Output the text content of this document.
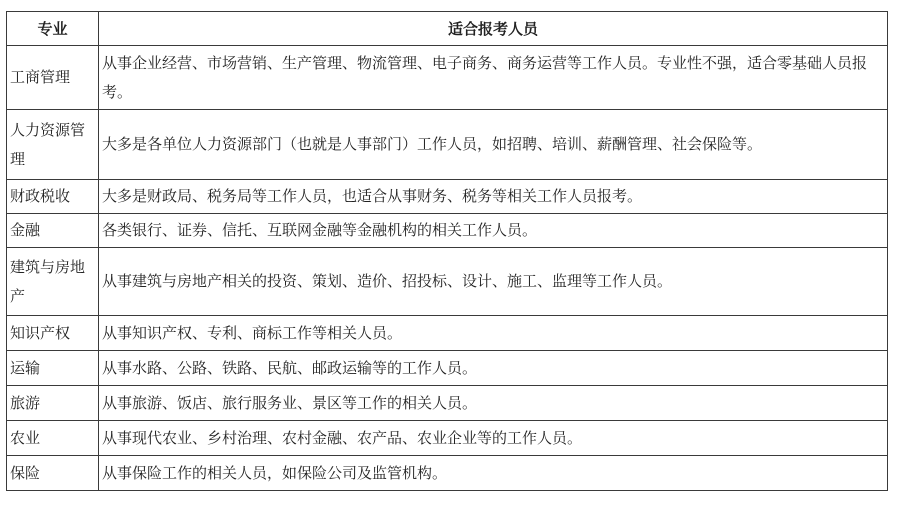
专业	适合报考人员
工商管理	从事企业经营、市场营销、生产管理、物流管理、电子商务、商务运营等工作人员。专业性不强，适合零基础人员报考。
人力资源管理	大多是各单位人力资源部门（也就是人事部门）工作人员，如招聘、培训、薪酬管理、社会保险等。
财政税收	大多是财政局、税务局等工作人员，也适合从事财务、税务等相关工作人员报考。
金融	各类银行、证券、信托、互联网金融等金融机构的相关工作人员。
建筑与房地产	从事建筑与房地产相关的投资、策划、造价、招投标、设计、施工、监理等工作人员。
知识产权	从事知识产权、专利、商标工作等相关人员。
运输	从事水路、公路、铁路、民航、邮政运输等的工作人员。
旅游	从事旅游、饭店、旅行服务业、景区等工作的相关人员。
农业	从事现代农业、乡村治理、农村金融、农产品、农业企业等的工作人员。
保险	从事保险工作的相关人员，如保险公司及监管机构。
